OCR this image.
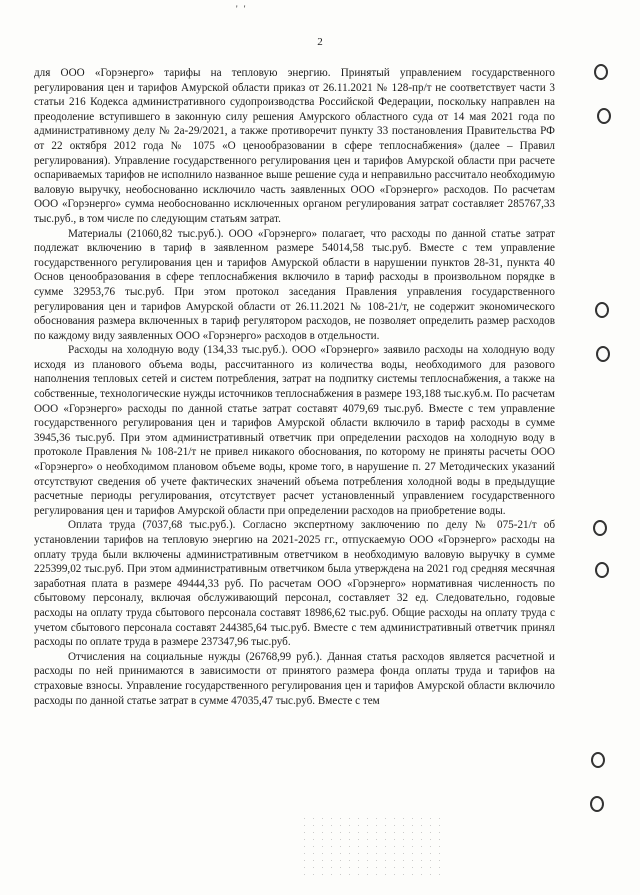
' '
2

для ООО «Горэнерго» тарифы на тепловую энергию. Принятый управлением государственного регулирования цен и тарифов Амурской области приказ от 26.11.2021 № 128-пр/т не соответствует части 3 статьи 216 Кодекса административного судопроизводства Российской Федерации, поскольку направлен на преодоление вступившего в законную силу решения Амурского областного суда от 14 мая 2021 года по административному делу № 2а-29/2021, а также противоречит пункту 33 постановления Правительства РФ от 22 октября 2012 года № 1075 «О ценообразовании в сфере теплоснабжения» (далее – Правил регулирования). Управление государственного регулирования цен и тарифов Амурской области при расчете оспариваемых тарифов не исполнило названное выше решение суда и неправильно рассчитало необходимую валовую выручку, необоснованно исключило часть заявленных ООО «Горэнерго» расходов. По расчетам ООО «Горэнерго» сумма необоснованно исключенных органом регулирования затрат составляет 285767,33 тыс.руб., в том числе по следующим статьям затрат.

Материалы (21060,82 тыс.руб.). ООО «Горэнерго» полагает, что расходы по данной статье затрат подлежат включению в тариф в заявленном размере 54014,58 тыс.руб. Вместе с тем управление государственного регулирования цен и тарифов Амурской области в нарушении пунктов 28-31, пункта 40 Основ ценообразования в сфере теплоснабжения включило в тариф расходы в произвольном порядке в сумме 32953,76 тыс.руб. При этом протокол заседания Правления управления государственного регулирования цен и тарифов Амурской области от 26.11.2021 № 108-21/т, не содержит экономического обоснования размера включенных в тариф регулятором расходов, не позволяет определить размер расходов по каждому виду заявленных ООО «Горэнерго» расходов в отдельности.

Расходы на холодную воду (134,33 тыс.руб.). ООО «Горэнерго» заявило расходы на холодную воду исходя из планового объема воды, рассчитанного из количества воды, необходимого для разового наполнения тепловых сетей и систем потребления, затрат на подпитку системы теплоснабжения, а также на собственные, технологические нужды источников теплоснабжения в размере 193,188 тыс.куб.м. По расчетам ООО «Горэнерго» расходы по данной статье затрат составят 4079,69 тыс.руб. Вместе с тем управление государственного регулирования цен и тарифов Амурской области включило в тариф расходы в сумме 3945,36 тыс.руб. При этом административный ответчик при определении расходов на холодную воду в протоколе Правления № 108-21/т не привел никакого обоснования, по которому не приняты расчеты ООО «Горэнерго» о необходимом плановом объеме воды, кроме того, в нарушение п. 27 Методических указаний отсутствуют сведения об учете фактических значений объема потребления холодной воды в предыдущие расчетные периоды регулирования, отсутствует расчет установленный управлением государственного регулирования цен и тарифов Амурской области при определении расходов на приобретение воды.

Оплата труда (7037,68 тыс.руб.). Согласно экспертному заключению по делу № 075-21/т об установлении тарифов на тепловую энергию на 2021-2025 гг., отпускаемую ООО «Горэнерго» расходы на оплату труда были включены административным ответчиком в необходимую валовую выручку в сумме 225399,02 тыс.руб. При этом административным ответчиком была утверждена на 2021 год средняя месячная заработная плата в размере 49444,33 руб. По расчетам ООО «Горэнерго» нормативная численность по сбытовому персоналу, включая обслуживающий персонал, составляет 32 ед. Следовательно, годовые расходы на оплату труда сбытового персонала составят 18986,62 тыс.руб. Общие расходы на оплату труда с учетом сбытового персонала составят 244385,64 тыс.руб. Вместе с тем административный ответчик принял расходы по оплате труда в размере 237347,96 тыс.руб.

Отчисления на социальные нужды (26768,99 руб.). Данная статья расходов является расчетной и расходы по ней принимаются в зависимости от принятого размера фонда оплаты труда и тарифов на страховые взносы. Управление государственного регулирования цен и тарифов Амурской области включило расходы по данной статье затрат в сумме 47035,47 тыс.руб. Вместе с тем
